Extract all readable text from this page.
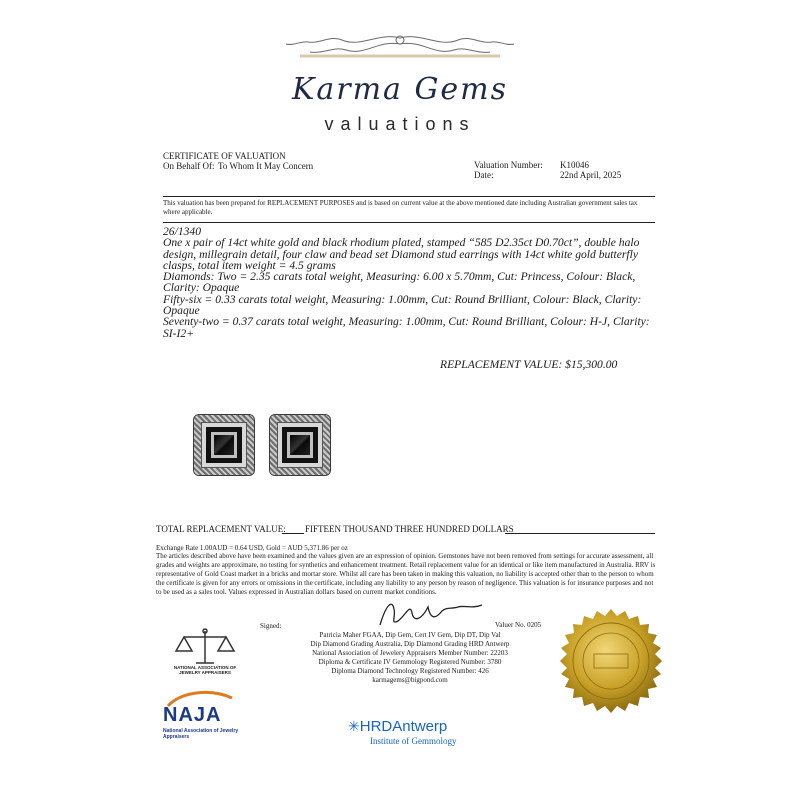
Karma Gems
valuations
CERTIFICATE OF VALUATION
On Behalf Of: To Whom It May Concern	Valuation Number: K10046
Date:	22nd April, 2025
This valuation has been prepared for REPLACEMENT PURPOSES and is based on current value at the above mentioned date including Australian government sales tax where applicable.

26/1340

One x pair of 14ct white gold and black rhodium plated, stamped “585 D2.35ct D0.70ct”, double halo design, millegrain detail, four claw and bead set Diamond stud earrings with 14ct white gold butterfly clasps, total item weight = 4.5 grams

Diamonds: Two = 2.35 carats total weight, Measuring: 6.00 x 5.70mm, Cut: Princess, Colour: Black, Clarity: Opaque

Fifty-six = 0.33 carats total weight, Measuring: 1.00mm, Cut: Round Brilliant, Colour: Black, Clarity: Opaque

Seventy-two = 0.37 carats total weight, Measuring: 1.00mm, Cut: Round Brilliant, Colour: H-J, Clarity: SI-I2+

REPLACEMENT VALUE: $15,300.00
TOTAL REPLACEMENT VALUE: FIFTEEN THOUSAND THREE HUNDRED DOLLARS
Exchange Rate 1.00AUD = 0.64 USD, Gold = AUD 5,371.86 per oz
The articles described above have been examined and the values given are an expression of opinion. Gemstones have not been removed from settings for accurate assessment, all grades and weights are approximate, no testing for synthetics and enhancement treatment. Retail replacement value for an identical or like item manufactured in Australia. RRV is representative of Gold Coast market in a bricks and mortar store. Whilst all care has been taken in making this valuation, no liability is accepted other than to the person to whom the certificate is given for any errors or omissions in the certificate, including any liability to any person by reason of negligence. This valuation is for insurance purposes and not to be used as a sales tool. Values expressed in Australian dollars based on current market conditions.
Signed:	Valuer No. 0205
Patricia Maher FGAA, Dip Gem, Cert IV Gem, Dip DT, Dip Val
Dip Diamond Grading Australia, Dip Diamond Grading HRD Antwerp
National Association of Jewelery Appraisers Member Number: 22203
Diploma & Certificate IV Gemmology Registered Number: 3780
Diploma Diamond Technology Registered Number: 426
karmagems@bigpond.com
NATIONAL ASSOCIATION OF JEWELRY APPRAISERS
NAJA
National Association of Jewelry Appraisers
✳HRDAntwerp
Institute of Gemmology
